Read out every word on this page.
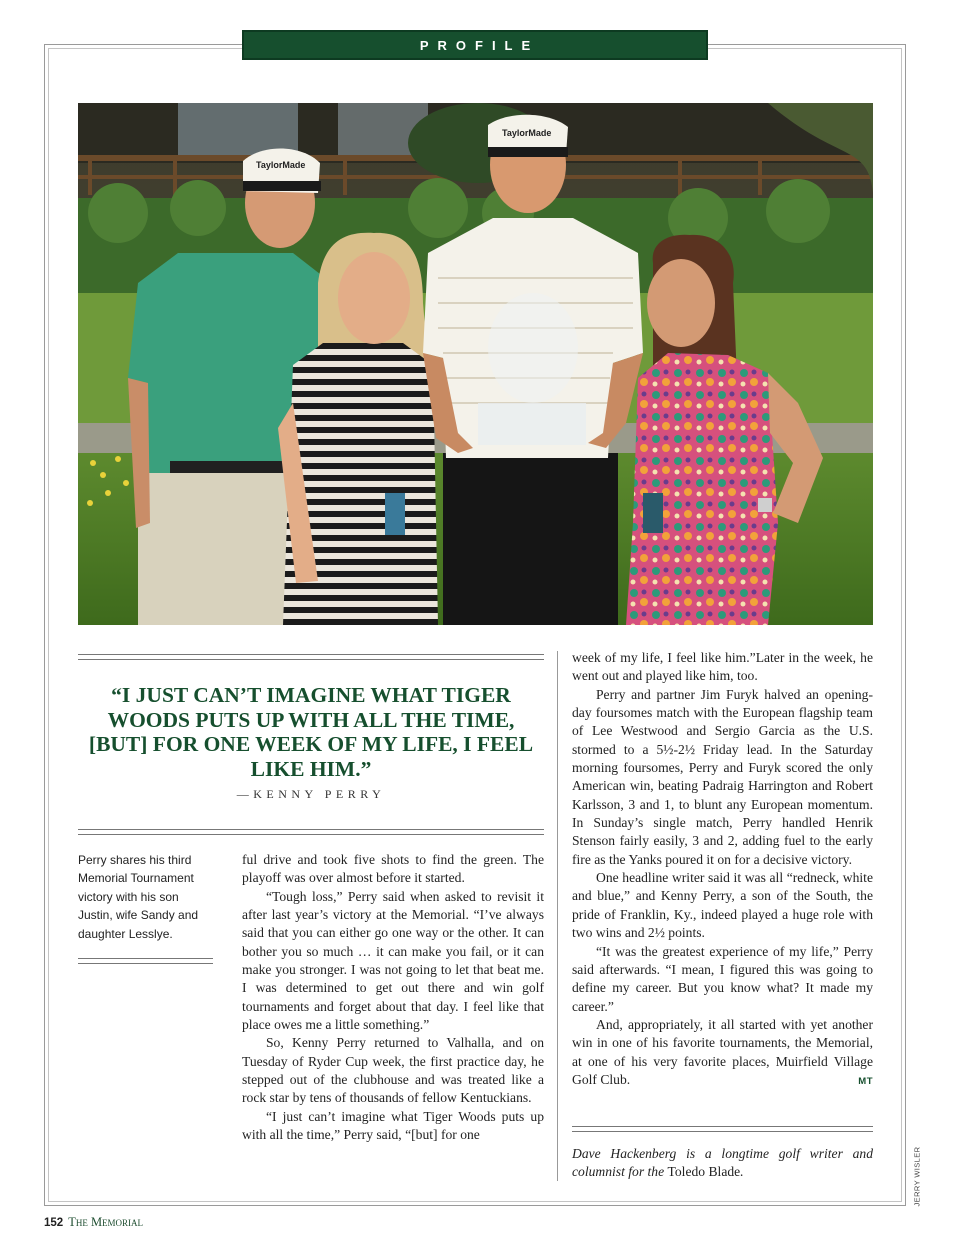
PROFILE
TaylorMade
TaylorMade

“I JUST CAN’T IMAGINE WHAT TIGER WOODS PUTS UP WITH ALL THE TIME, [BUT] FOR ONE WEEK OF MY LIFE, I FEEL LIKE HIM.”

—KENNY PERRY
Perry shares his third Memorial Tournament victory with his son Justin, wife Sandy and daughter Lesslye.

ful drive and took five shots to find the green. The playoff was over almost before it started.

“Tough loss,” Perry said when asked to revisit it after last year’s victory at the Memorial. “I’ve always said that you can either go one way or the other. It can bother you so much … it can make you fail, or it can make you stronger. I was not going to let that beat me. I was determined to get out there and win golf tournaments and forget about that day. I feel like that place owes me a little something.”

So, Kenny Perry returned to Valhalla, and on Tuesday of Ryder Cup week, the first practice day, he stepped out of the clubhouse and was treated like a rock star by tens of thousands of fellow Kentuckians.

“I just can’t imagine what Tiger Woods puts up with all the time,” Perry said, “[but] for one

week of my life, I feel like him.”Later in the week, he went out and played like him, too.

Perry and partner Jim Furyk halved an opening-day foursomes match with the European flagship team of Lee Westwood and Sergio Garcia as the U.S. stormed to a 5½-2½ Friday lead. In the Saturday morning foursomes, Perry and Furyk scored the only American win, beating Padraig Harrington and Robert Karlsson, 3 and 1, to blunt any European momentum. In Sunday’s single match, Perry handled Henrik Stenson fairly easily, 3 and 2, adding fuel to the early fire as the Yanks poured it on for a decisive victory.

One headline writer said it was all “redneck, white and blue,” and Kenny Perry, a son of the South, the pride of Franklin, Ky., indeed played a huge role with two wins and 2½ points.

“It was the greatest experience of my life,” Perry said afterwards. “I mean, I figured this was going to define my career. But you know what? It made my career.”

And, appropriately, it all started with yet another win in one of his favorite tournaments, the Memorial, at one of his very favorite places, Muirfield Village Golf Club.	MT

Dave Hackenberg is a longtime golf writer and columnist for the Toledo Blade.	JERRY WISLER
152 The Memorial
